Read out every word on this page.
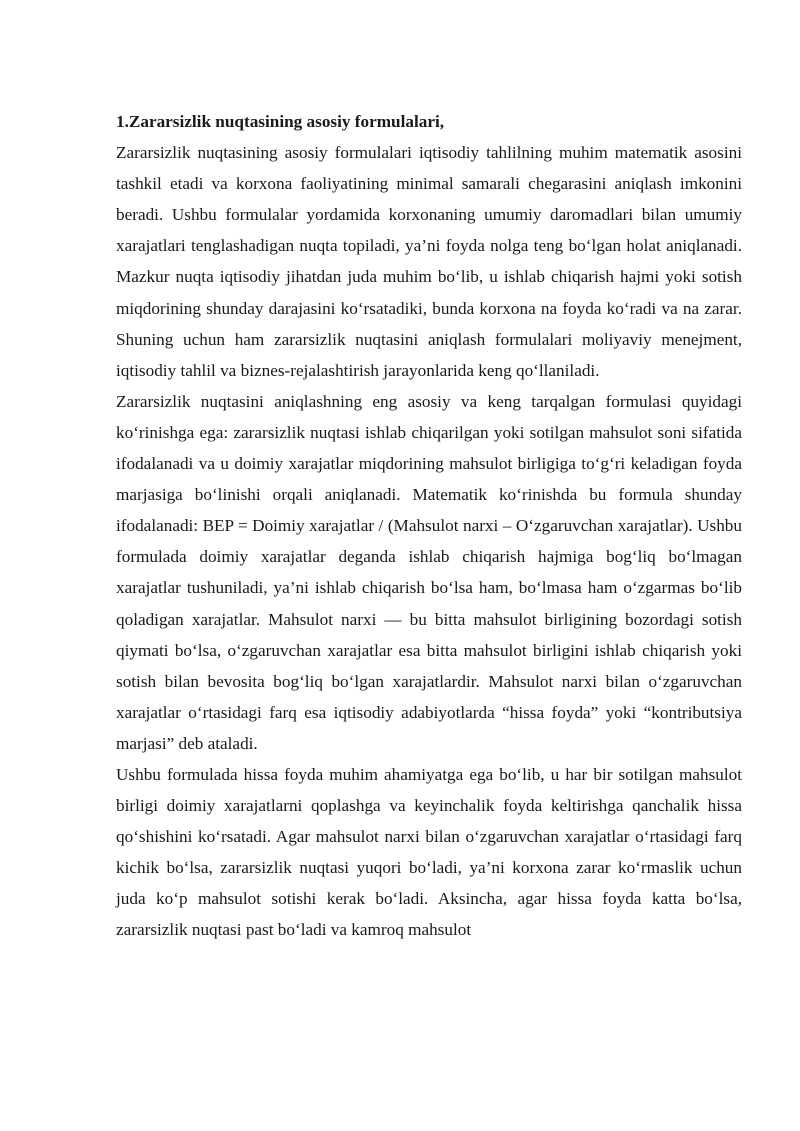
1.Zararsizlik nuqtasining asosiy formulalari,

Zararsizlik nuqtasining asosiy formulalari iqtisodiy tahlilning muhim matematik asosini tashkil etadi va korxona faoliyatining minimal samarali chegarasini aniqlash imkonini beradi. Ushbu formulalar yordamida korxonaning umumiy daromadlari bilan umumiy xarajatlari tenglashadigan nuqta topiladi, ya’ni foyda nolga teng bo‘lgan holat aniqlanadi. Mazkur nuqta iqtisodiy jihatdan juda muhim bo‘lib, u ishlab chiqarish hajmi yoki sotish miqdorining shunday darajasini ko‘rsatadiki, bunda korxona na foyda ko‘radi va na zarar. Shuning uchun ham zararsizlik nuqtasini aniqlash formulalari moliyaviy menejment, iqtisodiy tahlil va biznes-rejalashtirish jarayonlarida keng qo‘llaniladi.

Zararsizlik nuqtasini aniqlashning eng asosiy va keng tarqalgan formulasi quyidagi ko‘rinishga ega: zararsizlik nuqtasi ishlab chiqarilgan yoki sotilgan mahsulot soni sifatida ifodalanadi va u doimiy xarajatlar miqdorining mahsulot birligiga to‘g‘ri keladigan foyda marjasiga bo‘linishi orqali aniqlanadi. Matematik ko‘rinishda bu formula shunday ifodalanadi: BEP = Doimiy xarajatlar / (Mahsulot narxi – O‘zgaruvchan xarajatlar). Ushbu formulada doimiy xarajatlar deganda ishlab chiqarish hajmiga bog‘liq bo‘lmagan xarajatlar tushuniladi, ya’ni ishlab chiqarish bo‘lsa ham, bo‘lmasa ham o‘zgarmas bo‘lib qoladigan xarajatlar. Mahsulot narxi — bu bitta mahsulot birligining bozordagi sotish qiymati bo‘lsa, o‘zgaruvchan xarajatlar esa bitta mahsulot birligini ishlab chiqarish yoki sotish bilan bevosita bog‘liq bo‘lgan xarajatlardir. Mahsulot narxi bilan o‘zgaruvchan xarajatlar o‘rtasidagi farq esa iqtisodiy adabiyotlarda “hissa foyda” yoki “kontributsiya marjasi” deb ataladi.

Ushbu formulada hissa foyda muhim ahamiyatga ega bo‘lib, u har bir sotilgan mahsulot birligi doimiy xarajatlarni qoplashga va keyinchalik foyda keltirishga qanchalik hissa qo‘shishini ko‘rsatadi. Agar mahsulot narxi bilan o‘zgaruvchan xarajatlar o‘rtasidagi farq kichik bo‘lsa, zararsizlik nuqtasi yuqori bo‘ladi, ya’ni korxona zarar ko‘rmaslik uchun juda ko‘p mahsulot sotishi kerak bo‘ladi. Aksincha, agar hissa foyda katta bo‘lsa, zararsizlik nuqtasi past bo‘ladi va kamroq mahsulot
